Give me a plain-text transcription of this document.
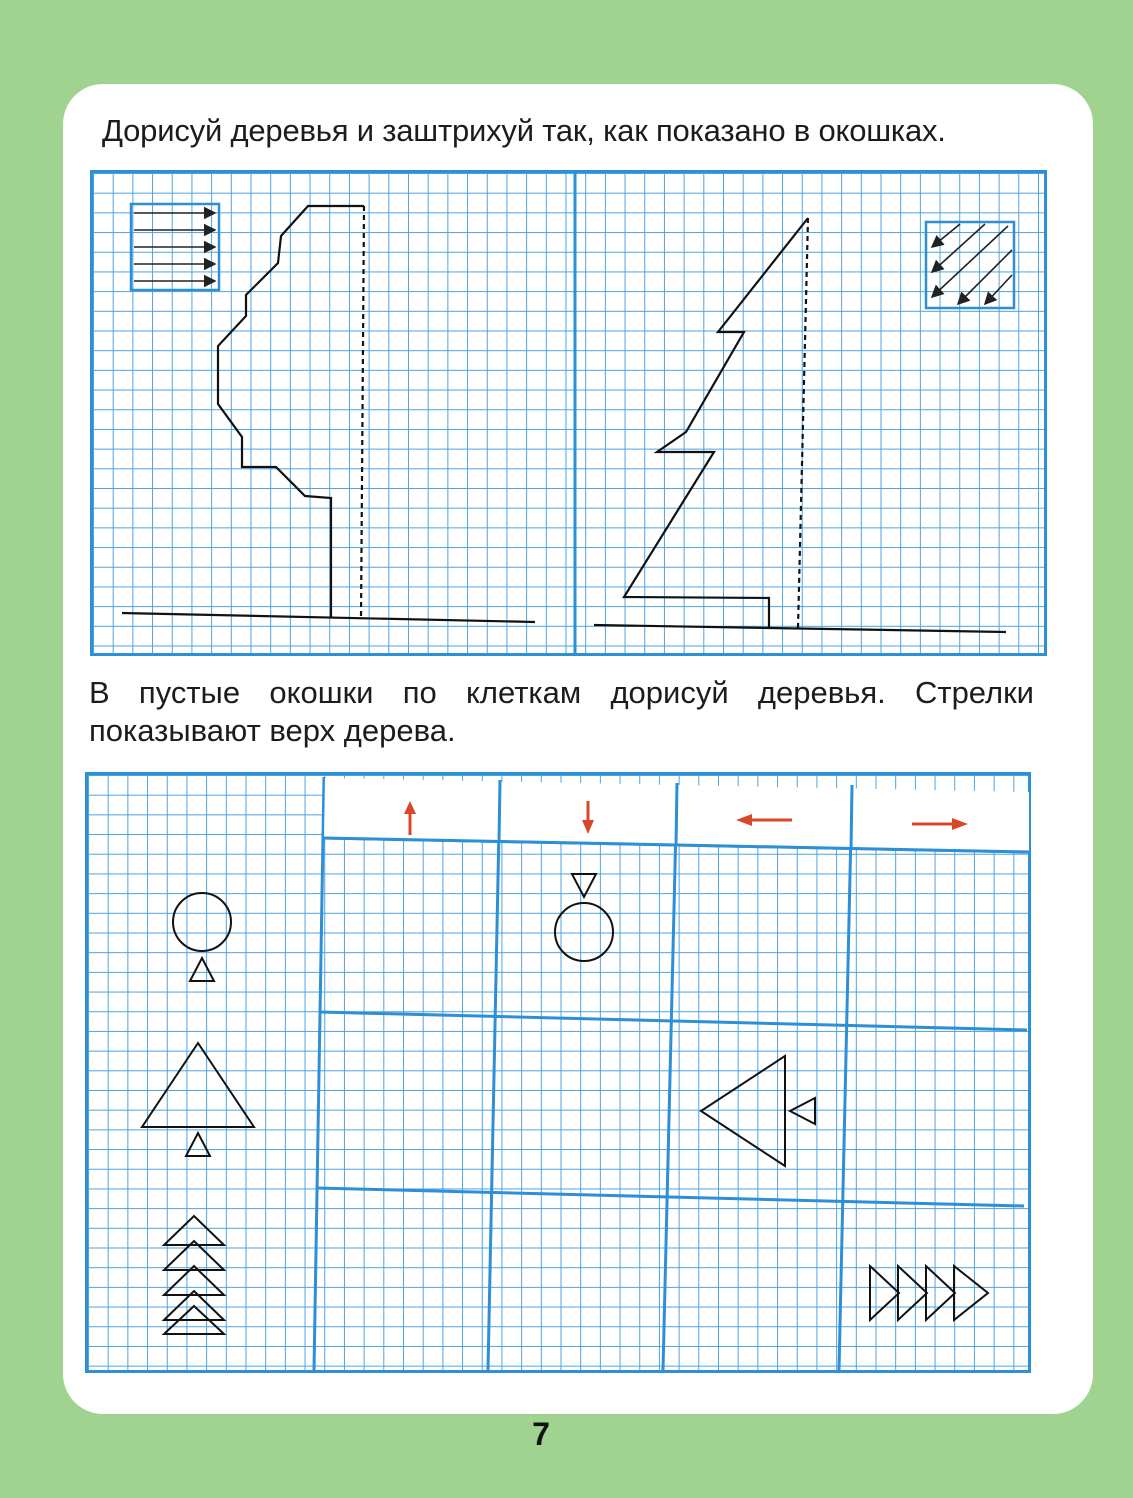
Дорисуй деревья и заштрихуй так, как показано в окошках.

В пустые окошки по клеткам дорисуй деревья. Стрелки показывают верх дерева.

7
